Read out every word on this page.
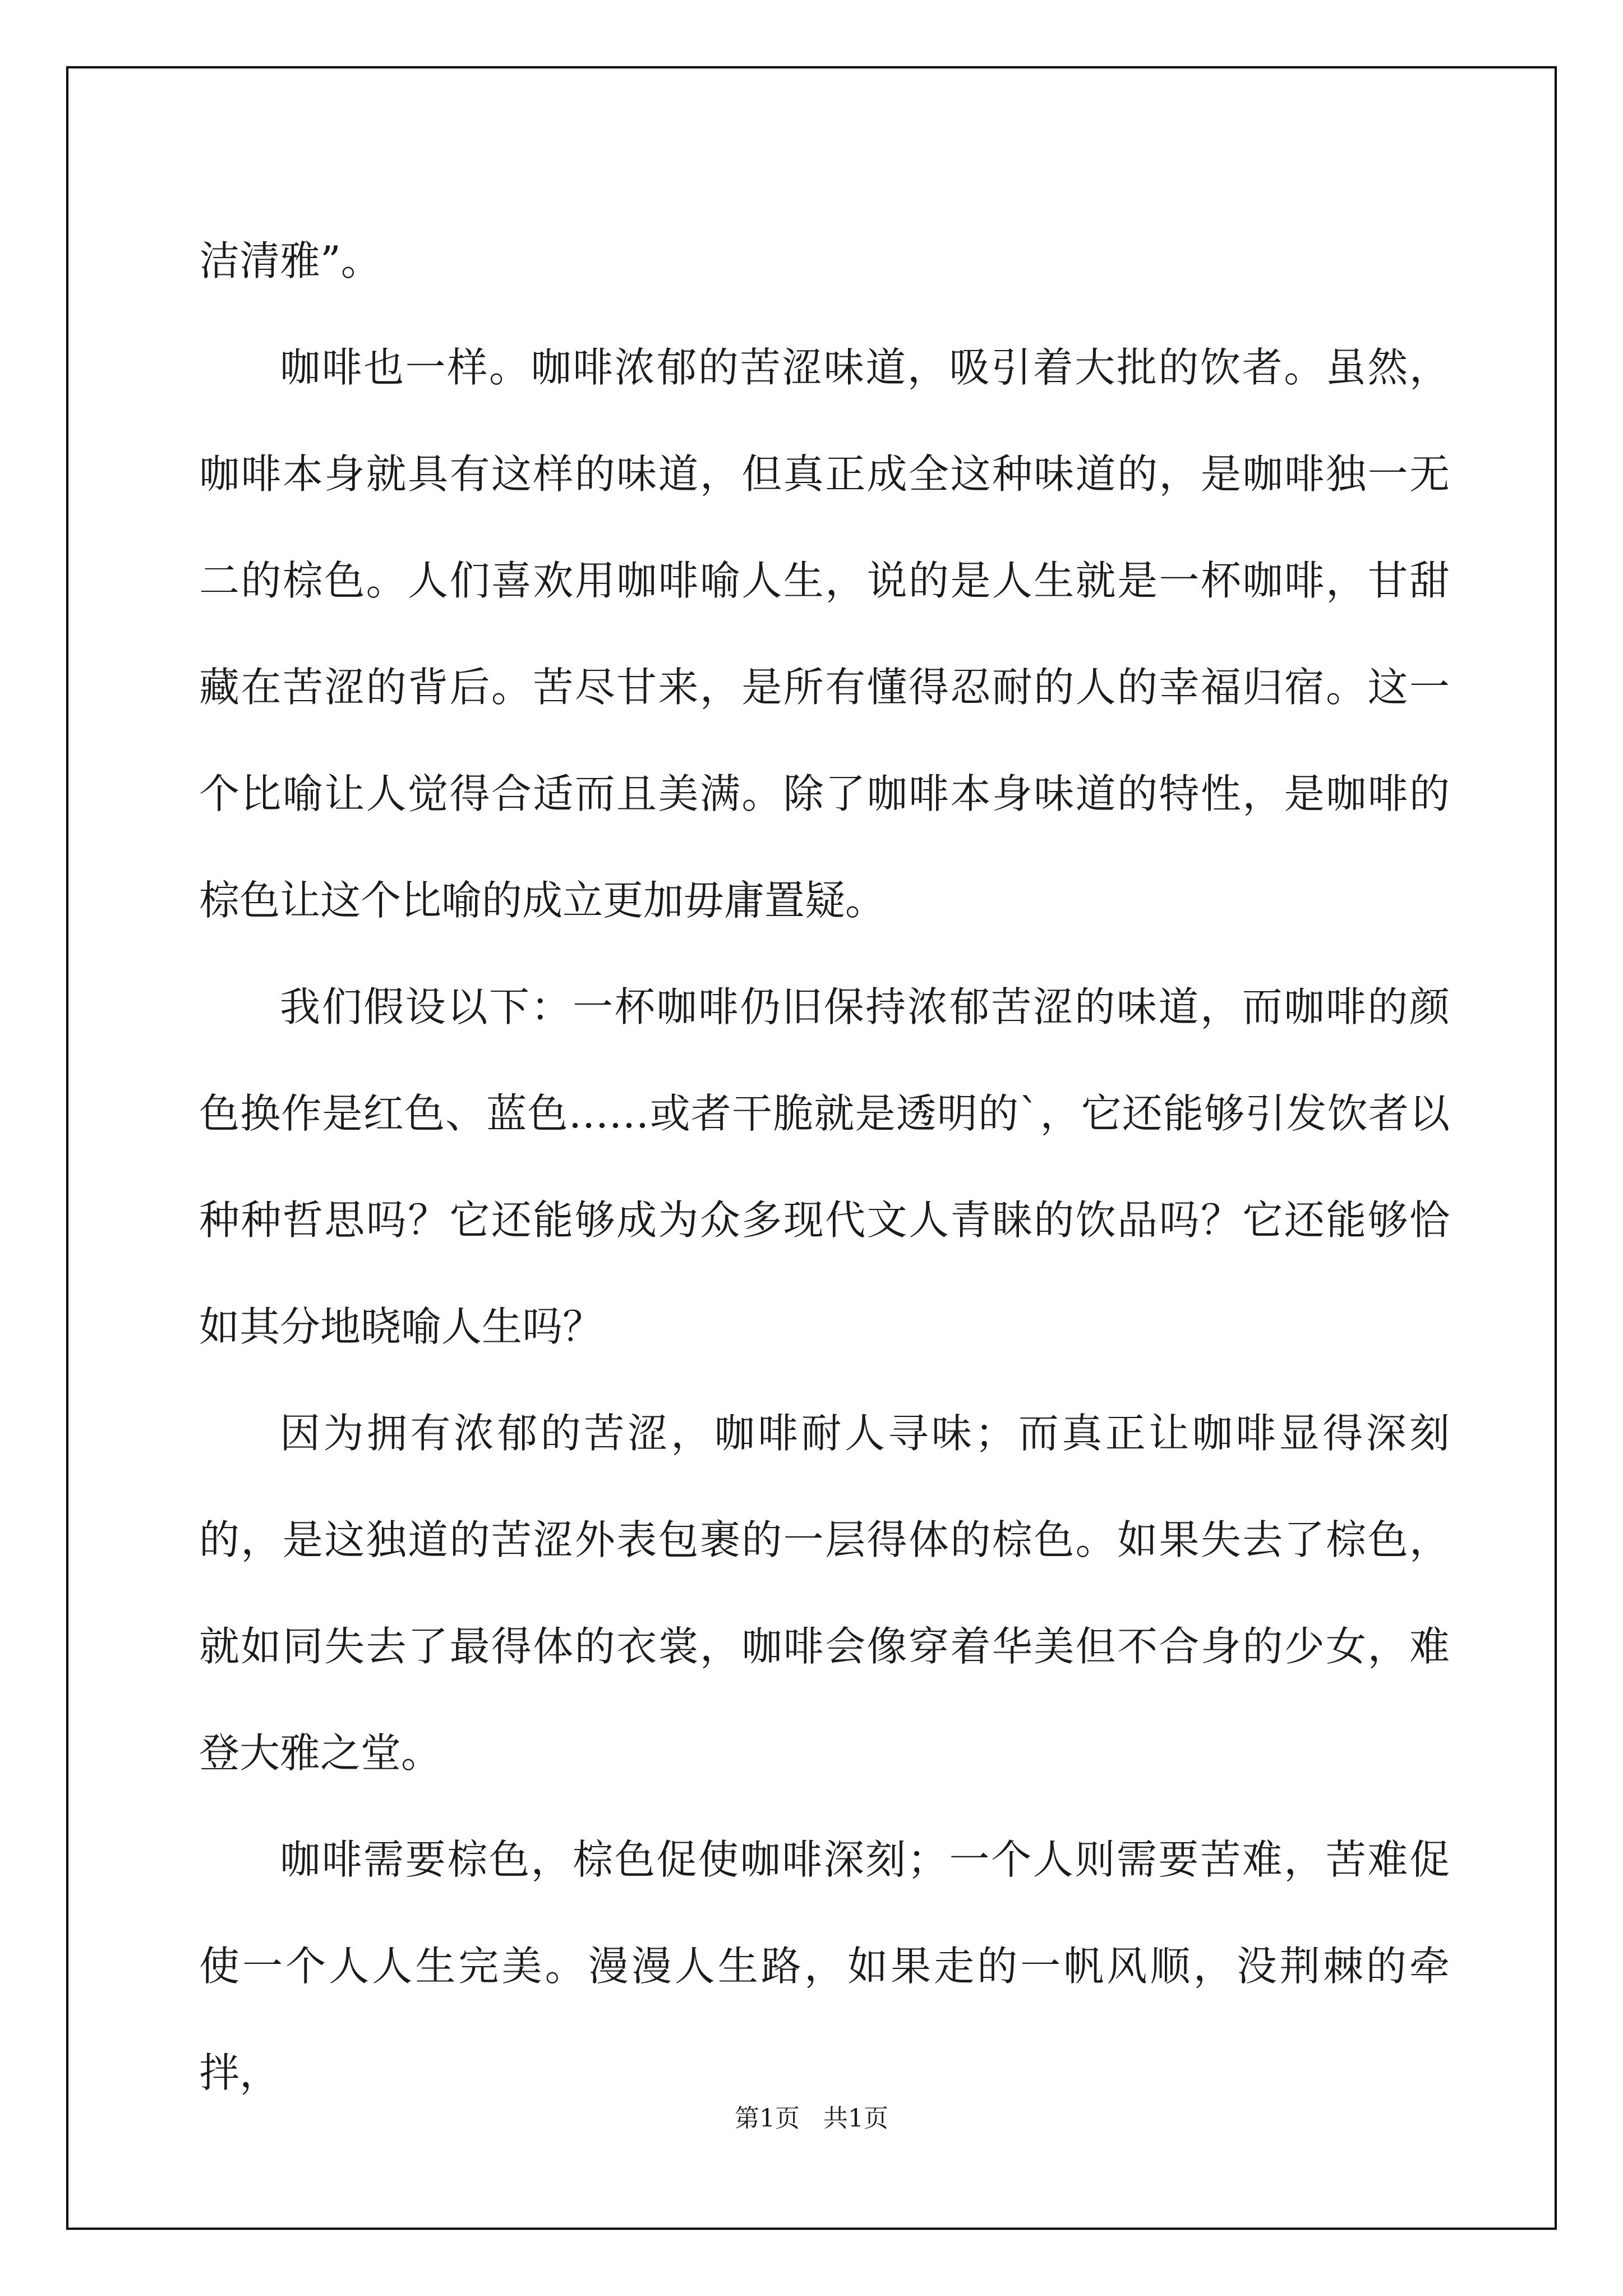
洁清雅”。

咖啡也一样。咖啡浓郁的苦涩味道，吸引着大批的饮者。虽然，咖啡本身就具有这样的味道，但真正成全这种味道的，是咖啡独一无二的棕色。人们喜欢用咖啡喻人生，说的是人生就是一杯咖啡，甘甜藏在苦涩的背后。苦尽甘来，是所有懂得忍耐的人的幸福归宿。这一个比喻让人觉得合适而且美满。除了咖啡本身味道的特性，是咖啡的棕色让这个比喻的成立更加毋庸置疑。

我们假设以下：一杯咖啡仍旧保持浓郁苦涩的味道，而咖啡的颜色换作是红色、蓝色……或者干脆就是透明的`，它还能够引发饮者以种种哲思吗？它还能够成为众多现代文人青睐的饮品吗？它还能够恰如其分地晓喻人生吗？

因为拥有浓郁的苦涩，咖啡耐人寻味；而真正让咖啡显得深刻的，是这独道的苦涩外表包裹的一层得体的棕色。如果失去了棕色，就如同失去了最得体的衣裳，咖啡会像穿着华美但不合身的少女，难登大雅之堂。

咖啡需要棕色，棕色促使咖啡深刻；一个人则需要苦难，苦难促使一个人人生完美。漫漫人生路，如果走的一帆风顺，没荆棘的牵拌，

第1页   共1页
